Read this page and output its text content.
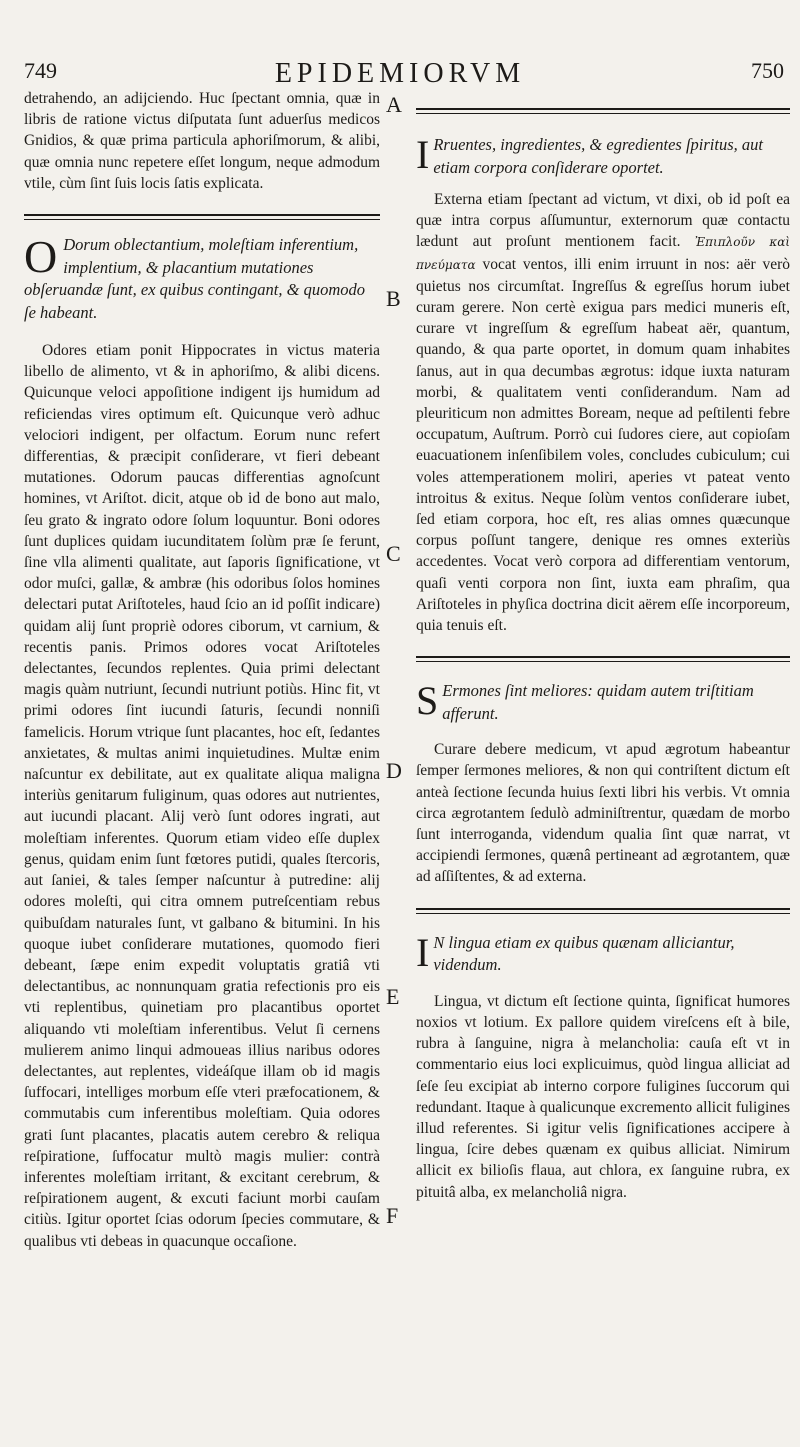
749	EPIDEMIORVM	750
A
B
C
D
E
F

detrahendo, an adijciendo. Huc ſpectant omnia, quæ in libris de ratione victus diſputata ſunt aduerſus medicos Gnidios, & quæ prima particula aphoriſmorum, & alibi, quæ omnia nunc repetere eſſet longum, neque admodum vtile, cùm ſint ſuis locis ſatis explicata.

O Dorum oblectantium, moleſtiam inferentium, implentium, & placantium mutationes obſeruandæ ſunt, ex quibus contingant, & quomodo ſe habeant.

Odores etiam ponit Hippocrates in victus materia libello de alimento, vt & in aphoriſmo, & alibi dicens. Quicunque veloci appoſitione indigent ijs humidum ad reficiendas vires optimum eſt. Quicunque verò adhuc velociori indigent, per olfactum. Eorum nunc refert differentias, & præcipit conſiderare, vt fieri debeant mutationes. Odorum paucas differentias agnoſcunt homines, vt Ariſtot. dicit, atque ob id de bono aut malo, ſeu grato & ingrato odore ſolum loquuntur. Boni odores ſunt duplices quidam iucunditatem ſolùm præ ſe ferunt, ſine vlla alimenti qualitate, aut ſaporis ſignificatione, vt odor muſci, gallæ, & ambræ (his odoribus ſolos homines delectari putat Ariſtoteles, haud ſcio an id poſſit indicare) quidam alij ſunt propriè odores ciborum, vt carnium, & recentis panis. Primos odores vocat Ariſtoteles delectantes, ſecundos replentes. Quia primi delectant magis quàm nutriunt, ſecundi nutriunt potiùs. Hinc fit, vt primi odores ſint iucundi ſaturis, ſecundi nonniſi famelicis. Horum vtrique ſunt placantes, hoc eſt, ſedantes anxietates, & multas animi inquietudines. Multæ enim naſcuntur ex debilitate, aut ex qualitate aliqua maligna interiùs genitarum fuliginum, quas odores aut nutrientes, aut iucundi placant. Alij verò ſunt odores ingrati, aut moleſtiam inferentes. Quorum etiam video eſſe duplex genus, quidam enim ſunt fœtores putidi, quales ſtercoris, aut ſaniei, & tales ſemper naſcuntur à putredine: alij odores moleſti, qui citra omnem putreſcentiam rebus quibuſdam naturales ſunt, vt galbano & bitumini. In his quoque iubet conſiderare mutationes, quomodo fieri debeant, ſæpe enim expedit voluptatis gratiâ vti delectantibus, ac nonnunquam gratia refectionis pro eis vti replentibus, quinetiam pro placantibus oportet aliquando vti moleſtiam inferentibus. Velut ſi cernens mulierem animo linqui admoueas illius naribus odores delectantes, aut replentes, videáſque illam ob id magis ſuffocari, intelliges morbum eſſe vteri præfocationem, & commutabis cum inferentibus moleſtiam. Quia odores grati ſunt placantes, placatis autem cerebro & reliqua reſpiratione, ſuffocatur multò magis mulier: contrà inferentes moleſtiam irritant, & excitant cerebrum, & reſpirationem augent, & excuti faciunt morbi cauſam citiùs. Igitur oportet ſcias odorum ſpecies commutare, & qualibus vti debeas in quacunque occaſione.

I Rruentes, ingredientes, & egredientes ſpiritus, aut etiam corpora conſiderare oportet.

Externa etiam ſpectant ad victum, vt dixi, ob id poſt ea quæ intra corpus aſſumuntur, externorum quæ contactu lædunt aut proſunt mentionem facit. Ἐπιπλοῦν καὶ πνεύματα vocat ventos, illi enim irruunt in nos: aër verò quietus nos circumſtat. Ingreſſus & egreſſus horum iubet curam gerere. Non certè exigua pars medici muneris eſt, curare vt ingreſſum & egreſſum habeat aër, quantum, quando, & qua parte oportet, in domum quam inhabites ſanus, aut in qua decumbas ægrotus: idque iuxta naturam morbi, & qualitatem venti conſiderandum. Nam ad pleuriticum non admittes Boream, neque ad peſtilenti febre occupatum, Auſtrum. Porrò cui ſudores ciere, aut copioſam euacuationem inſenſibilem voles, concludes cubiculum; cui voles attemperationem moliri, aperies vt pateat vento introitus & exitus. Neque ſolùm ventos conſiderare iubet, ſed etiam corpora, hoc eſt, res alias omnes quæcunque corpus poſſunt tangere, denique res omnes exteriùs accedentes. Vocat verò corpora ad differentiam ventorum, quaſi venti corpora non ſint, iuxta eam phraſim, qua Ariſtoteles in phyſica doctrina dicit aërem eſſe incorporeum, quia tenuis eſt.

S Ermones ſint meliores: quidam autem triſtitiam afferunt.

Curare debere medicum, vt apud ægrotum habeantur ſemper ſermones meliores, & non qui contriſtent dictum eſt anteà ſectione ſecunda huius ſexti libri his verbis. Vt omnia circa ægrotantem ſedulò adminiſtrentur, quædam de morbo ſunt interroganda, videndum qualia ſint quæ narrat, vt accipiendi ſermones, quænâ pertineant ad ægrotantem, quæ ad aſſiſtentes, & ad externa.

I N lingua etiam ex quibus quænam alliciantur, videndum.

Lingua, vt dictum eſt ſectione quinta, ſignificat humores noxios vt lotium. Ex pallore quidem vireſcens eſt à bile, rubra à ſanguine, nigra à melancholia: cauſa eſt vt in commentario eius loci explicuimus, quòd lingua alliciat ad ſeſe ſeu excipiat ab interno corpore fuligines ſuccorum qui redundant. Itaque à qualicunque excremento allicit fuligines illud referentes. Si igitur velis ſignificationes accipere à lingua, ſcire debes quænam ex quibus alliciat. Nimirum allicit ex bilioſis flaua, aut chlora, ex ſanguine rubra, ex pituitâ alba, ex melancholiâ nigra.
